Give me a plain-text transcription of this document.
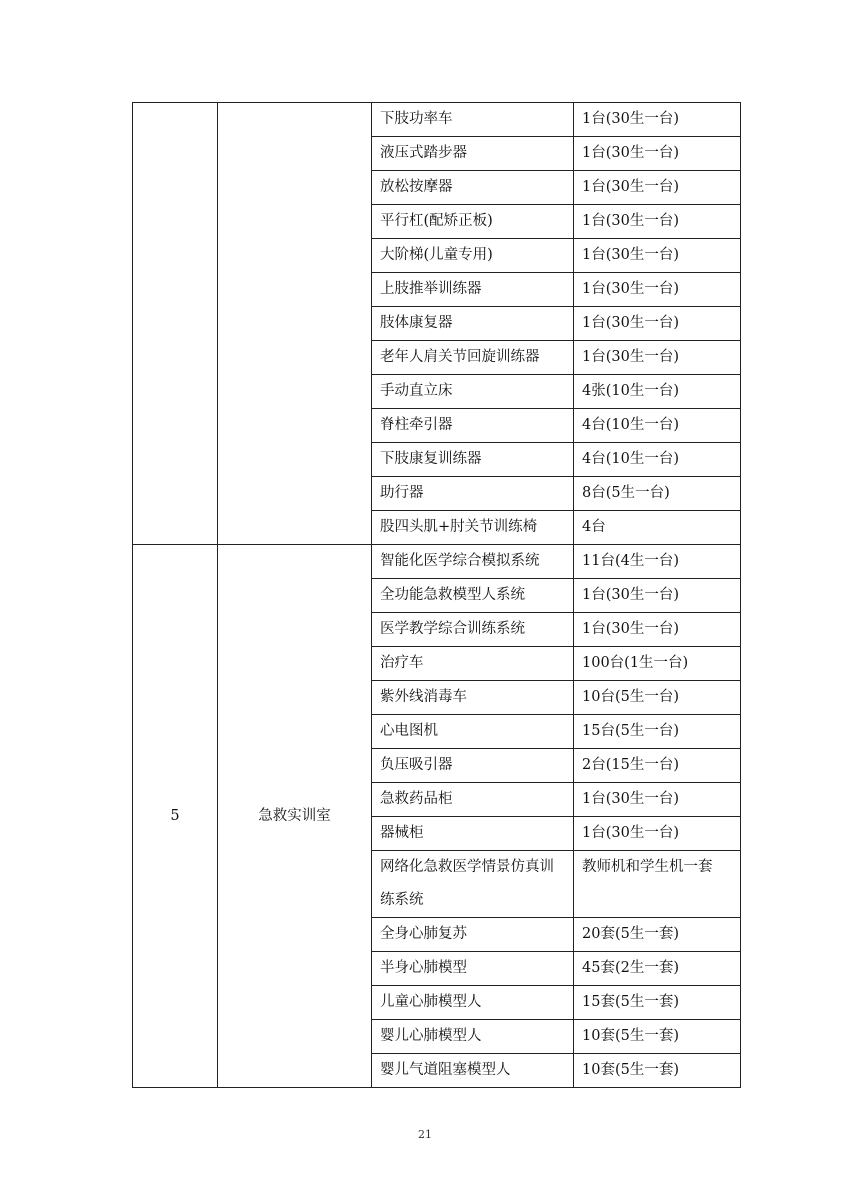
		下肢功率车	1台(30生一台)
		液压式踏步器	1台(30生一台)
		放松按摩器	1台(30生一台)
		平行杠(配矫正板)	1台(30生一台)
		大阶梯(儿童专用)	1台(30生一台)
		上肢推举训练器	1台(30生一台)
		肢体康复器	1台(30生一台)
		老年人肩关节回旋训练器	1台(30生一台)
		手动直立床	4张(10生一台)
		脊柱牵引器	4台(10生一台)
		下肢康复训练器	4台(10生一台)
		助行器	8台(5生一台)
		股四头肌+肘关节训练椅	4台
5	急救实训室	智能化医学综合模拟系统	11台(4生一台)
		全功能急救模型人系统	1台(30生一台)
		医学教学综合训练系统	1台(30生一台)
		治疗车	100台(1生一台)
		紫外线消毒车	10台(5生一台)
		心电图机	15台(5生一台)
		负压吸引器	2台(15生一台)
		急救药品柜	1台(30生一台)
		器械柜	1台(30生一台)
		网络化急救医学情景仿真训练系统	教师机和学生机一套
		全身心肺复苏	20套(5生一套)
		半身心肺模型	45套(2生一套)
		儿童心肺模型人	15套(5生一套)
		婴儿心肺模型人	10套(5生一套)
		婴儿气道阻塞模型人	10套(5生一套)
21
